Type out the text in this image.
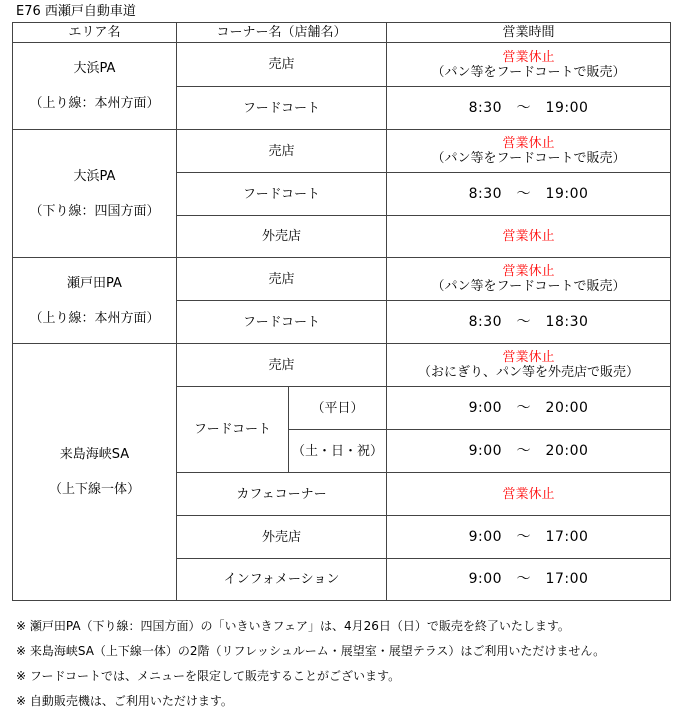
E76 西瀬戸自動車道
エリア名	コーナー名（店舗名）		営業時間

大浜PA
（上り線：本州方面）	売店		営業休止
（パン等をフードコートで販売）

	フードコート		8:30　～　19:00

大浜PA
（下り線：四国方面）	売店		営業休止
（パン等をフードコートで販売）

	フードコート		8:30　～　19:00
	外売店		営業休止

瀬戸田PA
（上り線：本州方面）	売店		営業休止
（パン等をフードコートで販売）

	フードコート		8:30　～　18:30

来島海峡SA
（上下線一体）	売店		営業休止
（おにぎり、パン等を外売店で販売）

	フードコート	（平日）	9:00　～　20:00
		（土・日・祝）	9:00　～　20:00
	カフェコーナー		営業休止
	外売店		9:00　～　17:00
	インフォメーション		9:00　～　17:00
※ 瀬戸田PA（下り線：四国方面）の「いきいきフェア」は、4月26日（日）で販売を終了いたします。
※ 来島海峡SA（上下線一体）の2階（リフレッシュルーム・展望室・展望テラス）はご利用いただけません。
※ フードコートでは、メニューを限定して販売することがございます。
※ 自動販売機は、ご利用いただけます。
